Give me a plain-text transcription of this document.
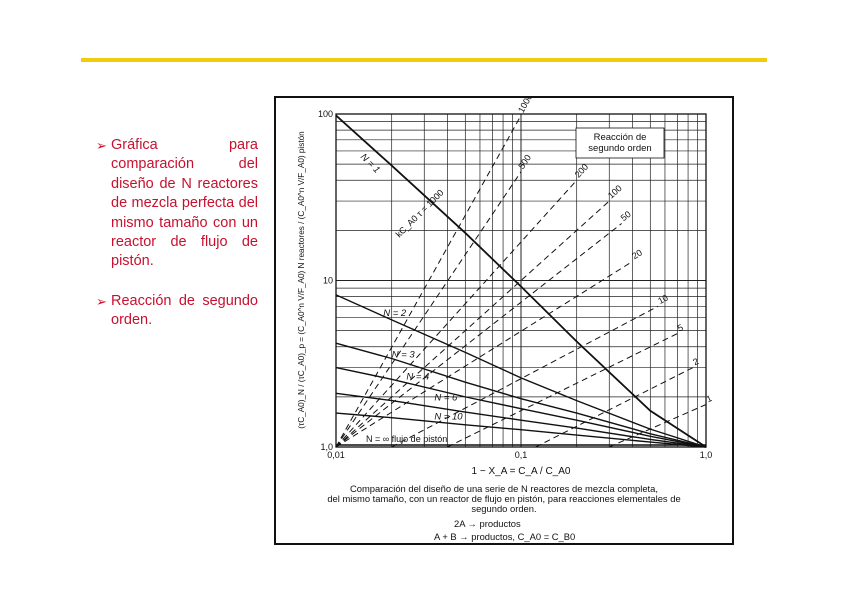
➢ Gráfica para comparación del diseño de N reactores de mezcla perfecta del mismo tamaño con un reactor de flujo de pistón.
➢ Reacción de segundo orden.
1000
500	200
100
50
20
10
5
2
1
N = 1
N = 2
N = 3
N = 4
N = 6
N = 10
0,01	0,1	1,0
1,0
10
100
Reacción de segundo orden
N = ∞ flujo de pistón
kC_A0 τ = 1000
1 − X_A = C_A / C_A0
(τC_A0)_N / (τC_A0)_p = (C_A0^n V/F_A0) N reactores / (C_A0^n V/F_A0) pistón
Comparación del diseño de una serie de N reactores de mezcla completa, del mismo tamaño, con un reactor de flujo en pistón, para reacciones elementales de segundo orden.
2A → productos
A + B → productos, C_A0 = C_B0
